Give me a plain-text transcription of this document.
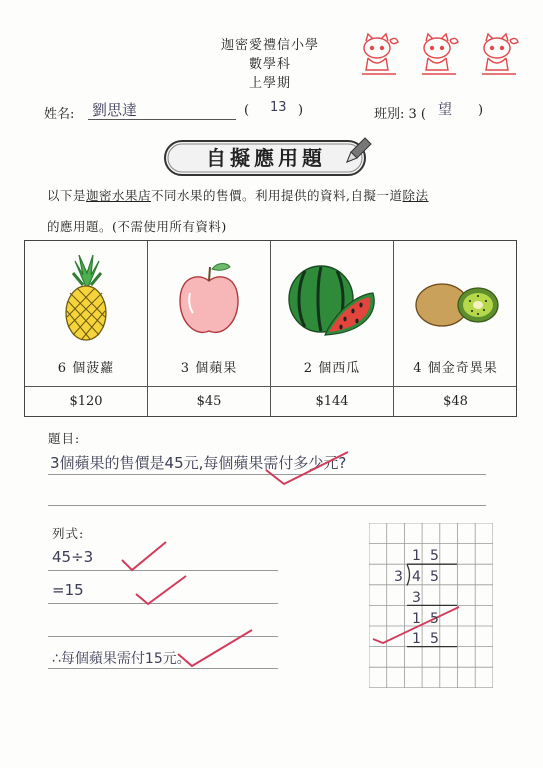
迦密愛禮信小學
數學科
上學期
姓名: 劉思達	( 13 )	班別: 3 ( 望 )
自擬應用題
以下是迦密水果店不同水果的售價。利用提供的資料,自擬一道除法
的應用題。(不需使用所有資料)
6 個菠蘿
$120
3 個蘋果
$45
2 個西瓜
$144
4 個金奇異果
$48
題目:
3個蘋果的售價是45元,每個蘋果需付多少元?
列式:
45÷3
=15
∴每個蘋果需付15元。
1 5
3 4 5
3
1 5
1 5
